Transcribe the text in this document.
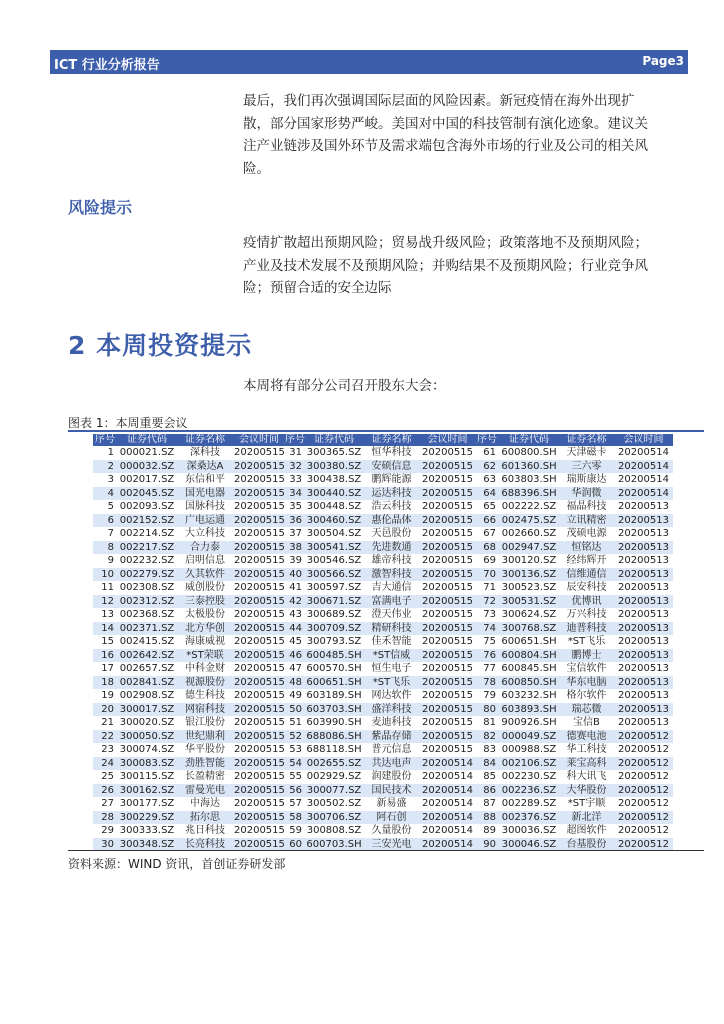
ICT 行业分析报告	Page3
最后，我们再次强调国际层面的风险因素。新冠疫情在海外出现扩散，部分国家形势严峻。美国对中国的科技管制有演化迹象。建议关注产业链涉及国外环节及需求端包含海外市场的行业及公司的相关风险。
风险提示
疫情扩散超出预期风险；贸易战升级风险；政策落地不及预期风险；产业及技术发展不及预期风险；并购结果不及预期风险；行业竞争风险；预留合适的安全边际
2 本周投资提示
本周将有部分公司召开股东大会：
图表 1：本周重要会议
序号	证券代码	证券名称	会议时间	序号	证券代码	证券名称	会议时间	序号	证券代码	证券名称	会议时间
1	000021.SZ	深科技	20200515	31	300365.SZ	恒华科技	20200515	61	600800.SH	天津磁卡	20200514
2	000032.SZ	深桑达A	20200515	32	300380.SZ	安硕信息	20200515	62	601360.SH	三六零	20200514
3	002017.SZ	东信和平	20200515	33	300438.SZ	鹏辉能源	20200515	63	603803.SH	瑞斯康达	20200514
4	002045.SZ	国光电器	20200515	34	300440.SZ	运达科技	20200515	64	688396.SH	华润微	20200514
5	002093.SZ	国脉科技	20200515	35	300448.SZ	浩云科技	20200515	65	002222.SZ	福晶科技	20200513
6	002152.SZ	广电运通	20200515	36	300460.SZ	惠伦晶体	20200515	66	002475.SZ	立讯精密	20200513
7	002214.SZ	大立科技	20200515	37	300504.SZ	天邑股份	20200515	67	002660.SZ	茂硕电源	20200513
8	002217.SZ	合力泰	20200515	38	300541.SZ	先进数通	20200515	68	002947.SZ	恒铭达	20200513
9	002232.SZ	启明信息	20200515	39	300546.SZ	雄帝科技	20200515	69	300120.SZ	经纬辉开	20200513
10	002279.SZ	久其软件	20200515	40	300566.SZ	激智科技	20200515	70	300136.SZ	信维通信	20200513
11	002308.SZ	威创股份	20200515	41	300597.SZ	吉大通信	20200515	71	300523.SZ	辰安科技	20200513
12	002312.SZ	三泰控股	20200515	42	300671.SZ	富满电子	20200515	72	300531.SZ	优博讯	20200513
13	002368.SZ	太极股份	20200515	43	300689.SZ	澄天伟业	20200515	73	300624.SZ	万兴科技	20200513
14	002371.SZ	北方华创	20200515	44	300709.SZ	精研科技	20200515	74	300768.SZ	迪普科技	20200513
15	002415.SZ	海康威视	20200515	45	300793.SZ	佳禾智能	20200515	75	600651.SH	*ST飞乐	20200513
16	002642.SZ	*ST荣联	20200515	46	600485.SH	*ST信威	20200515	76	600804.SH	鹏博士	20200513
17	002657.SZ	中科金财	20200515	47	600570.SH	恒生电子	20200515	77	600845.SH	宝信软件	20200513
18	002841.SZ	视源股份	20200515	48	600651.SH	*ST飞乐	20200515	78	600850.SH	华东电脑	20200513
19	002908.SZ	德生科技	20200515	49	603189.SH	网达软件	20200515	79	603232.SH	格尔软件	20200513
20	300017.SZ	网宿科技	20200515	50	603703.SH	盛洋科技	20200515	80	603893.SH	瑞芯微	20200513
21	300020.SZ	银江股份	20200515	51	603990.SH	麦迪科技	20200515	81	900926.SH	宝信B	20200513
22	300050.SZ	世纪鼎利	20200515	52	688086.SH	紫晶存储	20200515	82	000049.SZ	德赛电池	20200512
23	300074.SZ	华平股份	20200515	53	688118.SH	普元信息	20200515	83	000988.SZ	华工科技	20200512
24	300083.SZ	劲胜智能	20200515	54	002655.SZ	共达电声	20200514	84	002106.SZ	莱宝高科	20200512
25	300115.SZ	长盈精密	20200515	55	002929.SZ	润建股份	20200514	85	002230.SZ	科大讯飞	20200512
26	300162.SZ	雷曼光电	20200515	56	300077.SZ	国民技术	20200514	86	002236.SZ	大华股份	20200512
27	300177.SZ	中海达	20200515	57	300502.SZ	新易盛	20200514	87	002289.SZ	*ST宇顺	20200512
28	300229.SZ	拓尔思	20200515	58	300706.SZ	阿石创	20200514	88	002376.SZ	新北洋	20200512
29	300333.SZ	兆日科技	20200515	59	300808.SZ	久量股份	20200514	89	300036.SZ	超图软件	20200512
30	300348.SZ	长亮科技	20200515	60	600703.SH	三安光电	20200514	90	300046.SZ	台基股份	20200512
资料来源：WIND 资讯，首创证券研发部
